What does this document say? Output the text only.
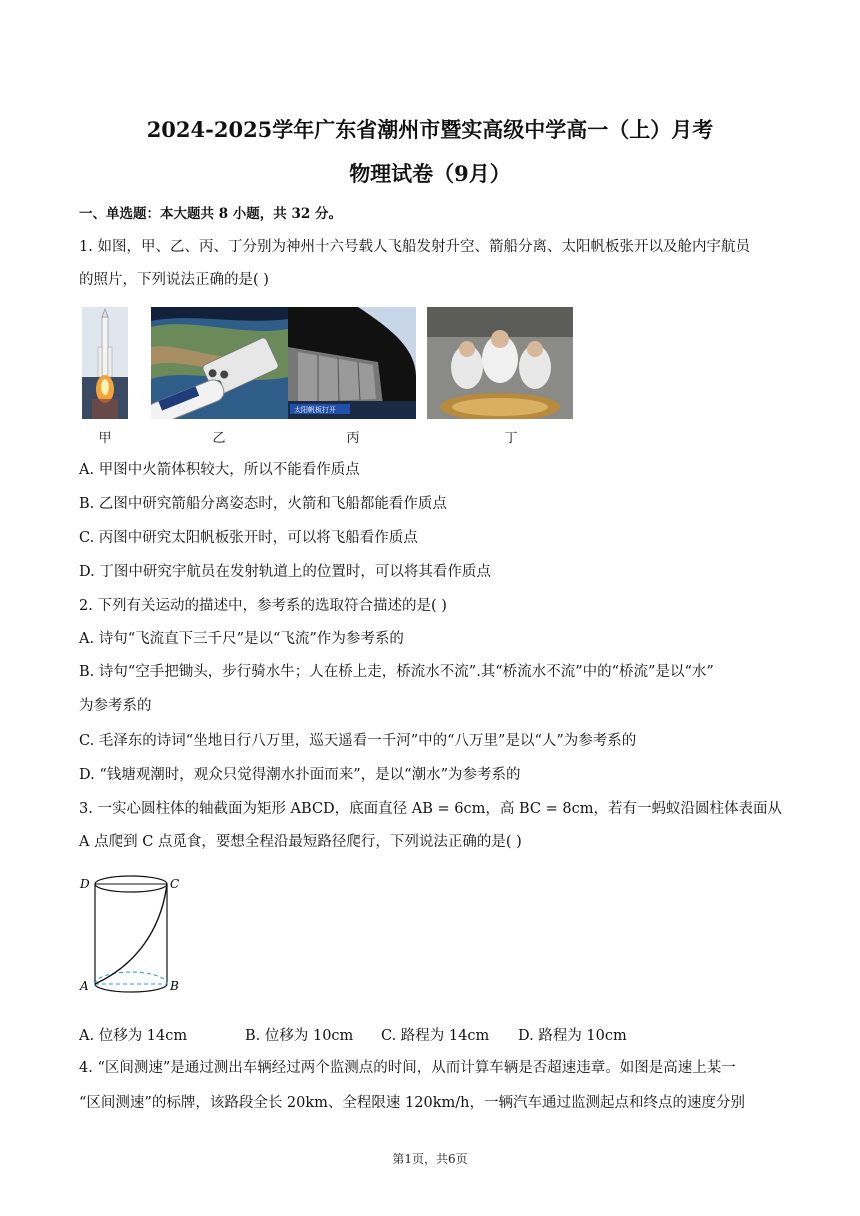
2024-2025学年广东省潮州市暨实高级中学高一（上）月考
物理试卷（9月）
一、单选题：本大题共 8 小题，共 32 分。
1. 如图，甲、乙、丙、丁分别为神州十六号载人飞船发射升空、箭船分离、太阳帆板张开以及舱内宇航员
的照片，下列说法正确的是( )
太阳帆板打开
甲	乙	丙	丁
A. 甲图中火箭体积较大，所以不能看作质点
B. 乙图中研究箭船分离姿态时，火箭和飞船都能看作质点
C. 丙图中研究太阳帆板张开时，可以将飞船看作质点
D. 丁图中研究宇航员在发射轨道上的位置时，可以将其看作质点
2. 下列有关运动的描述中，参考系的选取符合描述的是( )
A. 诗句“飞流直下三千尺”是以“飞流”作为参考系的
B. 诗句“空手把锄头，步行骑水牛；人在桥上走，桥流水不流”.其“桥流水不流”中的“桥流”是以“水”
为参考系的
C. 毛泽东的诗词“坐地日行八万里，巡天遥看一千河”中的“八万里”是以“人”为参考系的
D. “钱塘观潮时，观众只觉得潮水扑面而来”，是以“潮水”为参考系的
3. 一实心圆柱体的轴截面为矩形 ABCD，底面直径 AB = 6cm，高 BC = 8cm，若有一蚂蚁沿圆柱体表面从
A 点爬到 C 点觅食，要想全程沿最短路径爬行，下列说法正确的是( )
D	C
A	B
A. 位移为 14cm	B. 位移为 10cm C. 路程为 14cm D. 路程为 10cm
4. “区间测速”是通过测出车辆经过两个监测点的时间，从而计算车辆是否超速违章。如图是高速上某一
“区间测速”的标牌，该路段全长 20km、全程限速 120km/h，一辆汽车通过监测起点和终点的速度分别
第1页，共6页
